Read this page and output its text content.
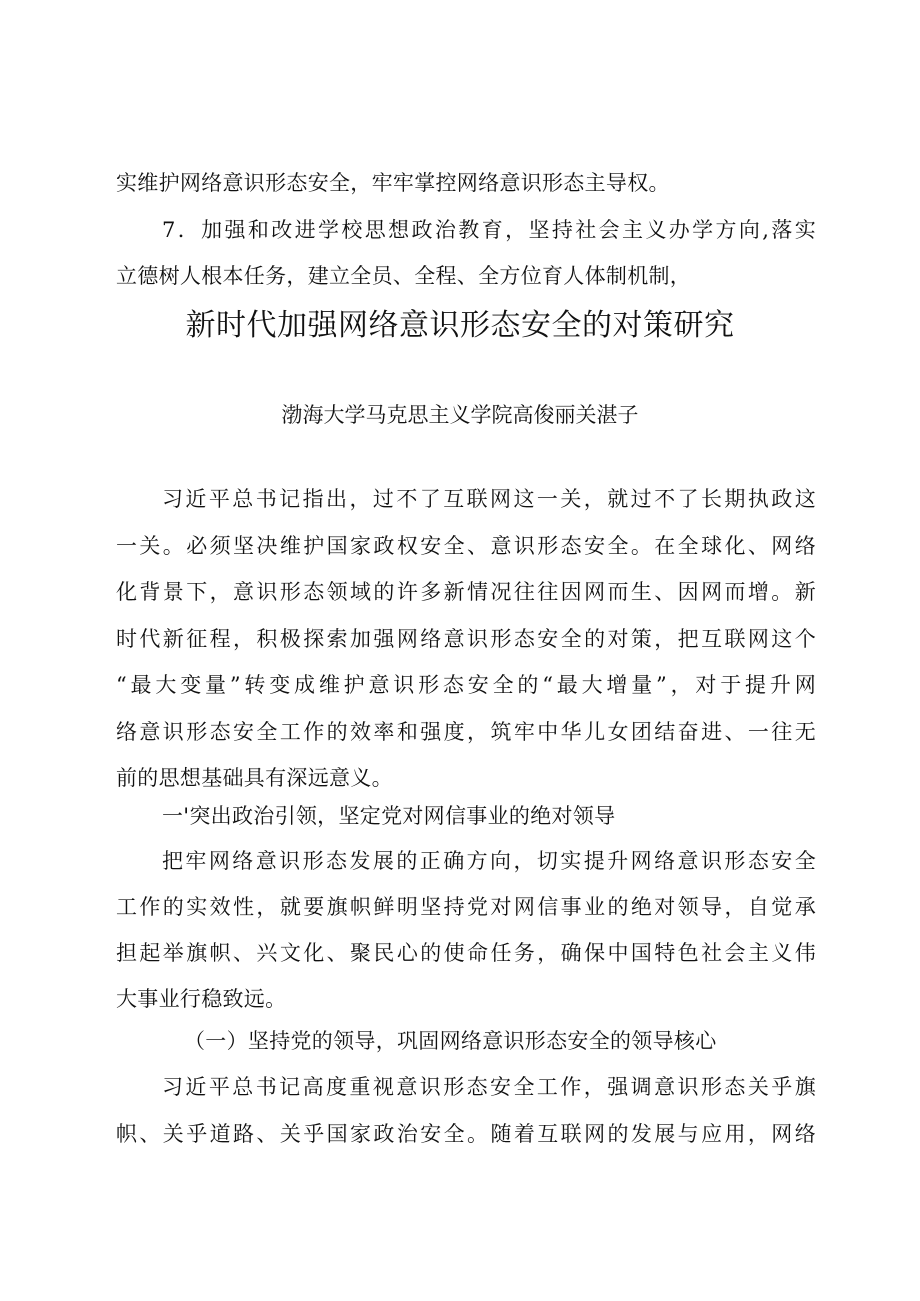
实维护网络意识形态安全，牢牢掌控网络意识形态主导权。
7．加强和改进学校思想政治教育，坚持社会主义办学方向,落实
立德树人根本任务，建立全员、全程、全方位育人体制机制，
新时代加强网络意识形态安全的对策研究
渤海大学马克思主义学院高俊丽关湛子
习近平总书记指出，过不了互联网这一关，就过不了长期执政这
一关。必须坚决维护国家政权安全、意识形态安全。在全球化、网络
化背景下，意识形态领域的许多新情况往往因网而生、因网而增。新
时代新征程，积极探索加强网络意识形态安全的对策，把互联网这个
“最大变量”转变成维护意识形态安全的“最大增量”，对于提升网
络意识形态安全工作的效率和强度，筑牢中华儿女团结奋进、一往无
前的思想基础具有深远意义。
一'突出政治引领，坚定党对网信事业的绝对领导
把牢网络意识形态发展的正确方向，切实提升网络意识形态安全
工作的实效性，就要旗帜鲜明坚持党对网信事业的绝对领导，自觉承
担起举旗帜、兴文化、聚民心的使命任务，确保中国特色社会主义伟
大事业行稳致远。
（一）坚持党的领导，巩固网络意识形态安全的领导核心
习近平总书记高度重视意识形态安全工作，强调意识形态关乎旗
帜、关乎道路、关乎国家政治安全。随着互联网的发展与应用，网络
